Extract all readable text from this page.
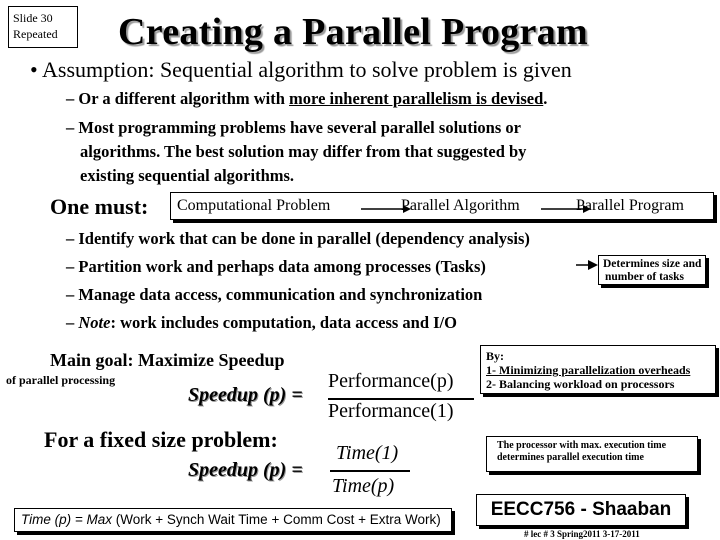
Slide 30
Repeated	Creating a Parallel Program
• Assumption: Sequential algorithm to solve problem is given
– Or a different algorithm with more inherent parallelism is devised.
– Most programming problems have several parallel solutions or
algorithms. The best solution may differ from that suggested by
existing sequential algorithms.
One must: Computational Problem	Parallel Algorithm	Parallel Program
– Identify work that can be done in parallel (dependency analysis)
– Partition work and perhaps data among processes (Tasks)
– Manage data access, communication and synchronization
– Note: work includes computation, data access and I/O
Determines size and
number of tasks
Main goal: Maximize Speedup
of parallel processing
By:
1- Minimizing parallelization overheads
2- Balancing workload on processors
Speedup (p) =
Performance(p)
Performance(1)
For a fixed size problem:
Speedup (p) =
Time(1)
Time(p)
The processor with max. execution time
determines parallel execution time
Time (p) = Max (Work + Synch Wait Time + Comm Cost + Extra Work)	EECC756 - Shaaban
# lec # 3 Spring2011 3-17-2011
